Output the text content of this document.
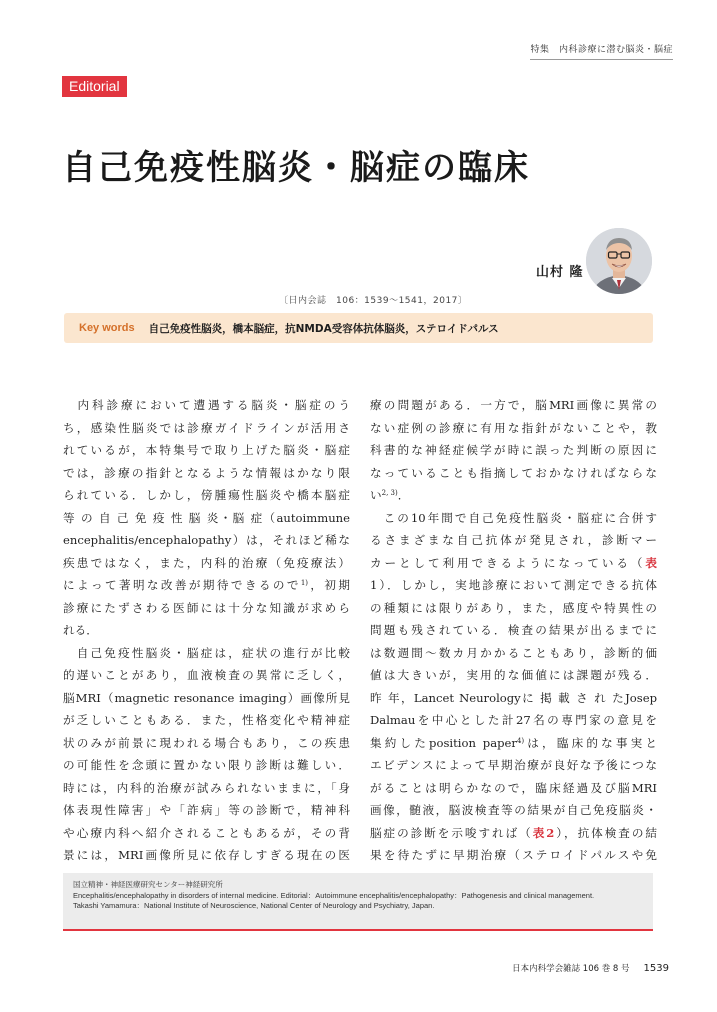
特集　内科診療に潜む脳炎・脳症
Editorial
自己免疫性脳炎・脳症の臨床
山村 隆
〔日内会誌　106：1539〜1541，2017〕
Key words 自己免疫性脳炎，橋本脳症，抗NMDA受容体抗体脳炎，ステロイドパルス
　内科診療において遭遇する脳炎・脳症のう
ち，感染性脳炎では診療ガイドラインが活用さ
れているが，本特集号で取り上げた脳炎・脳症
では，診療の指針となるような情報はかなり限
られている．しかし，傍腫瘍性脳炎や橋本脳症
等 の 自 己 免 疫 性 脳 炎・脳 症（autoimmune
encephalitis/encephalopathy）は，それほど稀な
疾患ではなく，また，内科的治療（免疫療法）
によって著明な改善が期待できるので$^{1)}$，初期
診療にたずさわる医師には十分な知識が求めら
れる．
　自己免疫性脳炎・脳症は，症状の進行が比較
的遅いことがあり，血液検査の異常に乏しく，
脳MRI（magnetic resonance imaging）画像所見
が乏しいこともある．また，性格変化や精神症
状のみが前景に現われる場合もあり，この疾患
の可能性を念頭に置かない限り診断は難しい．
時には，内科的治療が試みられないままに，「身
体表現性障害」や「詐病」等の診断で，精神科
や心療内科へ紹介されることもあるが，その背
景には，MRI画像所見に依存しすぎる現在の医
療の問題がある．一方で，脳MRI画像に異常の
ない症例の診療に有用な指針がないことや，教
科書的な神経症候学が時に誤った判断の原因に
なっていることも指摘しておかなければならな
い$^{2, 3)}$．
　この10年間で自己免疫性脳炎・脳症に合併す
るさまざまな自己抗体が発見され，診断マー
カーとして利用できるようになっている（表
1）．しかし，実地診療において測定できる抗体
の種類には限りがあり，また，感度や特異性の
問題も残されている．検査の結果が出るまでに
は数週間〜数カ月かかることもあり，診断的価
値は大きいが，実用的な価値には課題が残る．
昨 年，Lancet Neurologyに 掲 載 さ れ たJosep
Dalmauを中心とした計27名の専門家の意見を
集約したposition paper$^{4)}$は，臨床的な事実と
エビデンスによって早期治療が良好な予後につな
がることは明らかなので，臨床経過及び脳MRI
画像，髄液，脳波検査等の結果が自己免疫脳炎・
脳症の診断を示唆すれば（表2），抗体検査の結
果を待たずに早期治療（ステロイドパルスや免
国立精神・神経医療研究センター神経研究所
Encephalitis/encephalopathy in disorders of internal medicine. Editorial：Autoimmune encephalitis/encephalopathy：Pathogenesis and clinical management.
Takashi Yamamura：National Institute of Neuroscience, National Center of Neurology and Psychiatry, Japan.
日本内科学会雑誌 106 巻 8 号 1539
